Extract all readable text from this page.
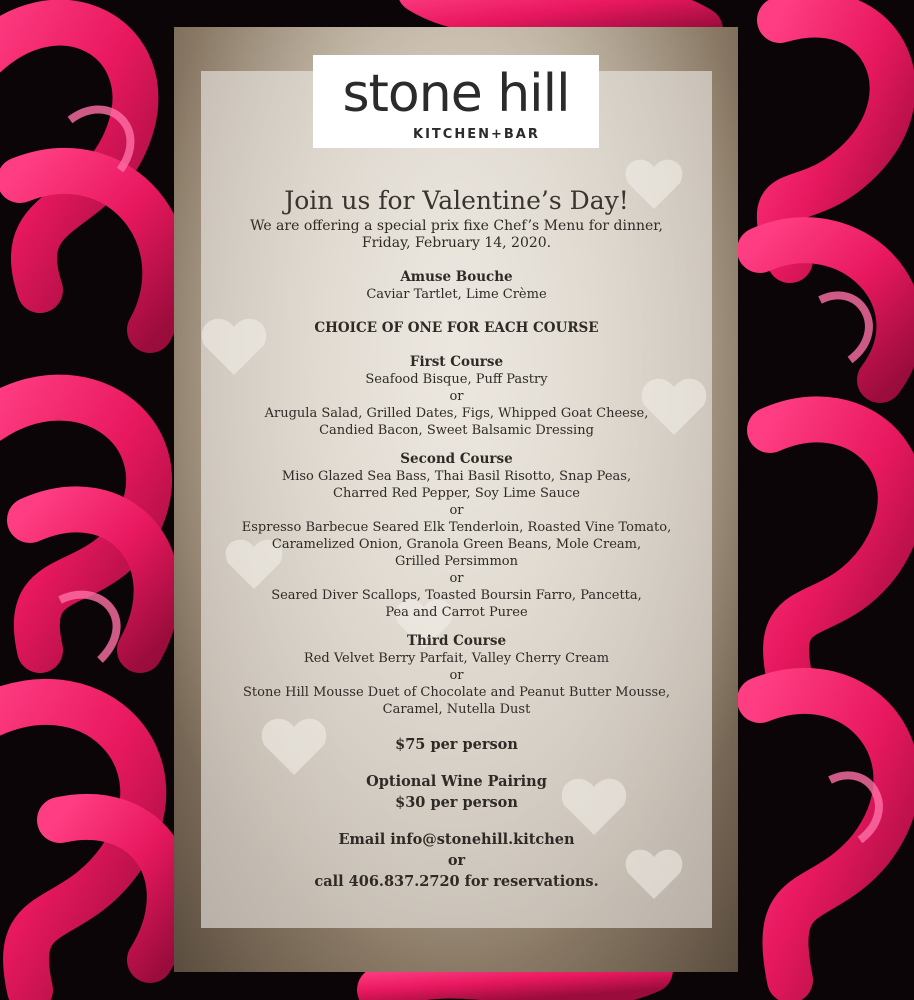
stone hill
KITCHEN+BAR
Join us for Valentine’s Day!
We are offering a special prix fixe Chef’s Menu for dinner,
Friday, February 14, 2020.
Amuse Bouche
Caviar Tartlet, Lime Crème
CHOICE OF ONE FOR EACH COURSE
First Course
Seafood Bisque, Puff Pastry
or
Arugula Salad, Grilled Dates, Figs, Whipped Goat Cheese,
Candied Bacon, Sweet Balsamic Dressing
Second Course
Miso Glazed Sea Bass, Thai Basil Risotto, Snap Peas,
Charred Red Pepper, Soy Lime Sauce
or
Espresso Barbecue Seared Elk Tenderloin, Roasted Vine Tomato,
Caramelized Onion, Granola Green Beans, Mole Cream,
Grilled Persimmon
or
Seared Diver Scallops, Toasted Boursin Farro, Pancetta,
Pea and Carrot Puree
Third Course
Red Velvet Berry Parfait, Valley Cherry Cream
or
Stone Hill Mousse Duet of Chocolate and Peanut Butter Mousse,
Caramel, Nutella Dust
$75 per person
Optional Wine Pairing
$30 per person
Email info@stonehill.kitchen
or
call 406.837.2720 for reservations.
